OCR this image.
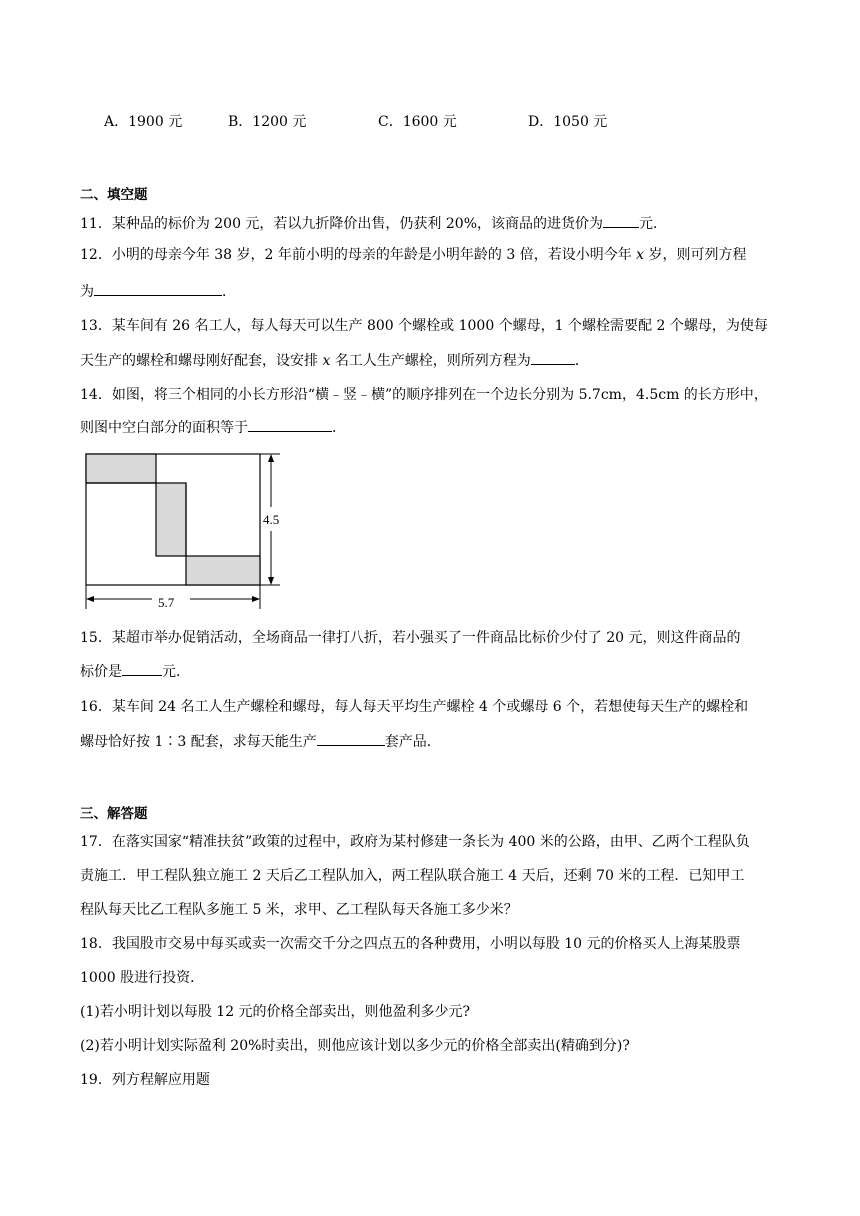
A．1900 元	B．1200 元	C．1600 元	D．1050 元
二、填空题
11．某种品的标价为 200 元，若以九折降价出售，仍获利 20%，该商品的进货价为	元．
12．小明的母亲今年 38 岁，2 年前小明的母亲的年龄是小明年龄的 3 倍，若设小明今年 x 岁，则可列方程
为	．
13．某车间有 26 名工人，每人每天可以生产 800 个螺栓或 1000 个螺母，1 个螺栓需要配 2 个螺母，为使每
天生产的螺栓和螺母刚好配套，设安排 x 名工人生产螺栓，则所列方程为	．
14．如图，将三个相同的小长方形沿“横﹣竖﹣横”的顺序排列在一个边长分别为 5.7cm，4.5cm 的长方形中，
则图中空白部分的面积等于	．
4.5
5.7
15．某超市举办促销活动，全场商品一律打八折，若小强买了一件商品比标价少付了 20 元，则这件商品的
标价是	元．
16．某车间 24 名工人生产螺栓和螺母，每人每天平均生产螺栓 4 个或螺母 6 个，若想使每天生产的螺栓和
螺母恰好按 1∶3 配套，求每天能生产	套产品．
三、解答题
17．在落实国家“精准扶贫”政策的过程中，政府为某村修建一条长为 400 米的公路，由甲、乙两个工程队负
责施工．甲工程队独立施工 2 天后乙工程队加入，两工程队联合施工 4 天后，还剩 70 米的工程．已知甲工
程队每天比乙工程队多施工 5 米，求甲、乙工程队每天各施工多少米？
18．我国股市交易中每买或卖一次需交千分之四点五的各种费用，小明以每股 10 元的价格买人上海某股票
1000 股进行投资．
(1)若小明计划以每股 12 元的价格全部卖出，则他盈利多少元?
(2)若小明计划实际盈利 20%时卖出，则他应该计划以多少元的价格全部卖出(精确到分)?
19．列方程解应用题
